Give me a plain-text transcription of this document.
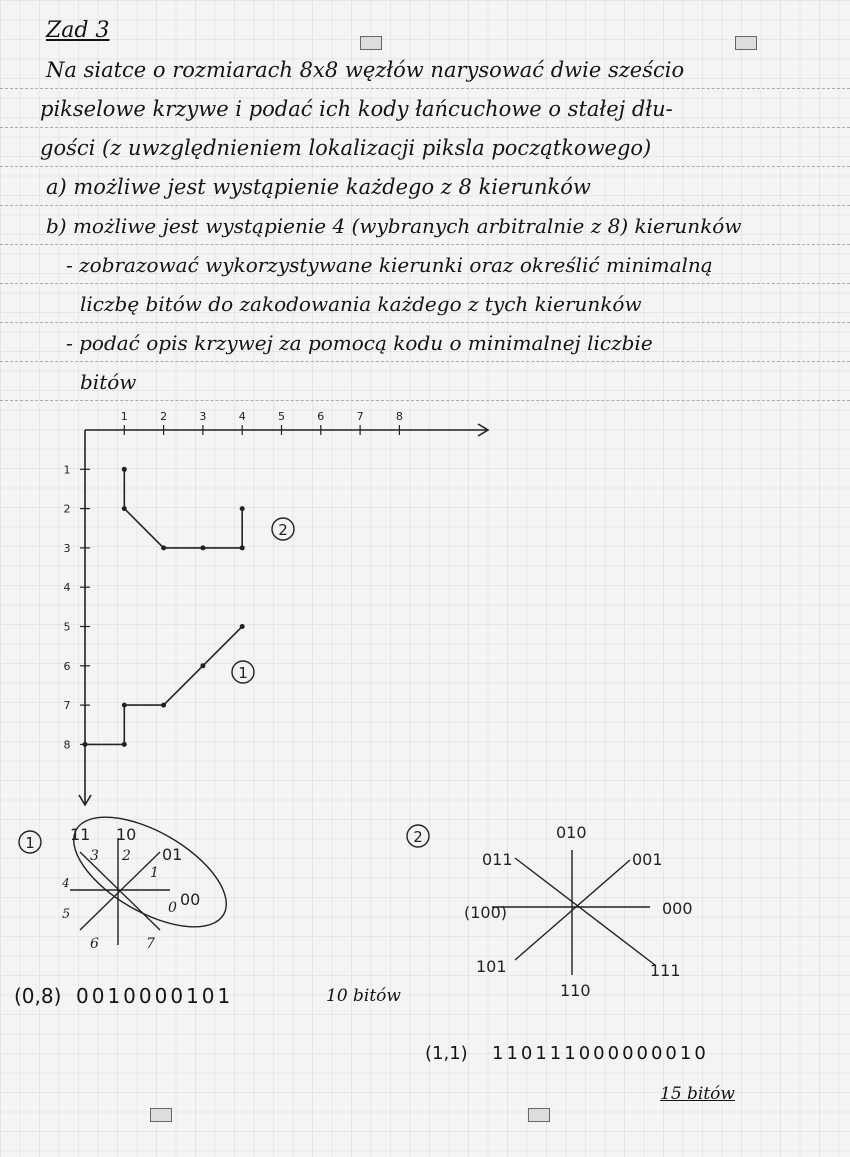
Zad 3
Na siatce o rozmiarach 8x8 węzłów narysować dwie sześcio
pikselowe krzywe i podać ich kody łańcuchowe o stałej dłu-
gości (z uwzględnieniem lokalizacji piksla początkowego)
a) możliwe jest wystąpienie każdego z 8 kierunków
b) możliwe jest wystąpienie 4 (wybranych arbitralnie z 8) kierunków
- zobrazować wykorzystywane kierunki oraz określić minimalną
liczbę bitów do zakodowania każdego z tych kierunków
- podać opis krzywej za pomocą kodu o minimalnej liczbie
bitów
1	2	3	4	5	6	7	8
1
2
3
4
5
6
7
8
2
1
1 11 10
01
00
3 2
1
0
4
5
6	7
2	010
011	001
(100)	000
101
110
111
(0,8) 0010000101	10 bitów
(1,1) 110111000000010
15 bitów
